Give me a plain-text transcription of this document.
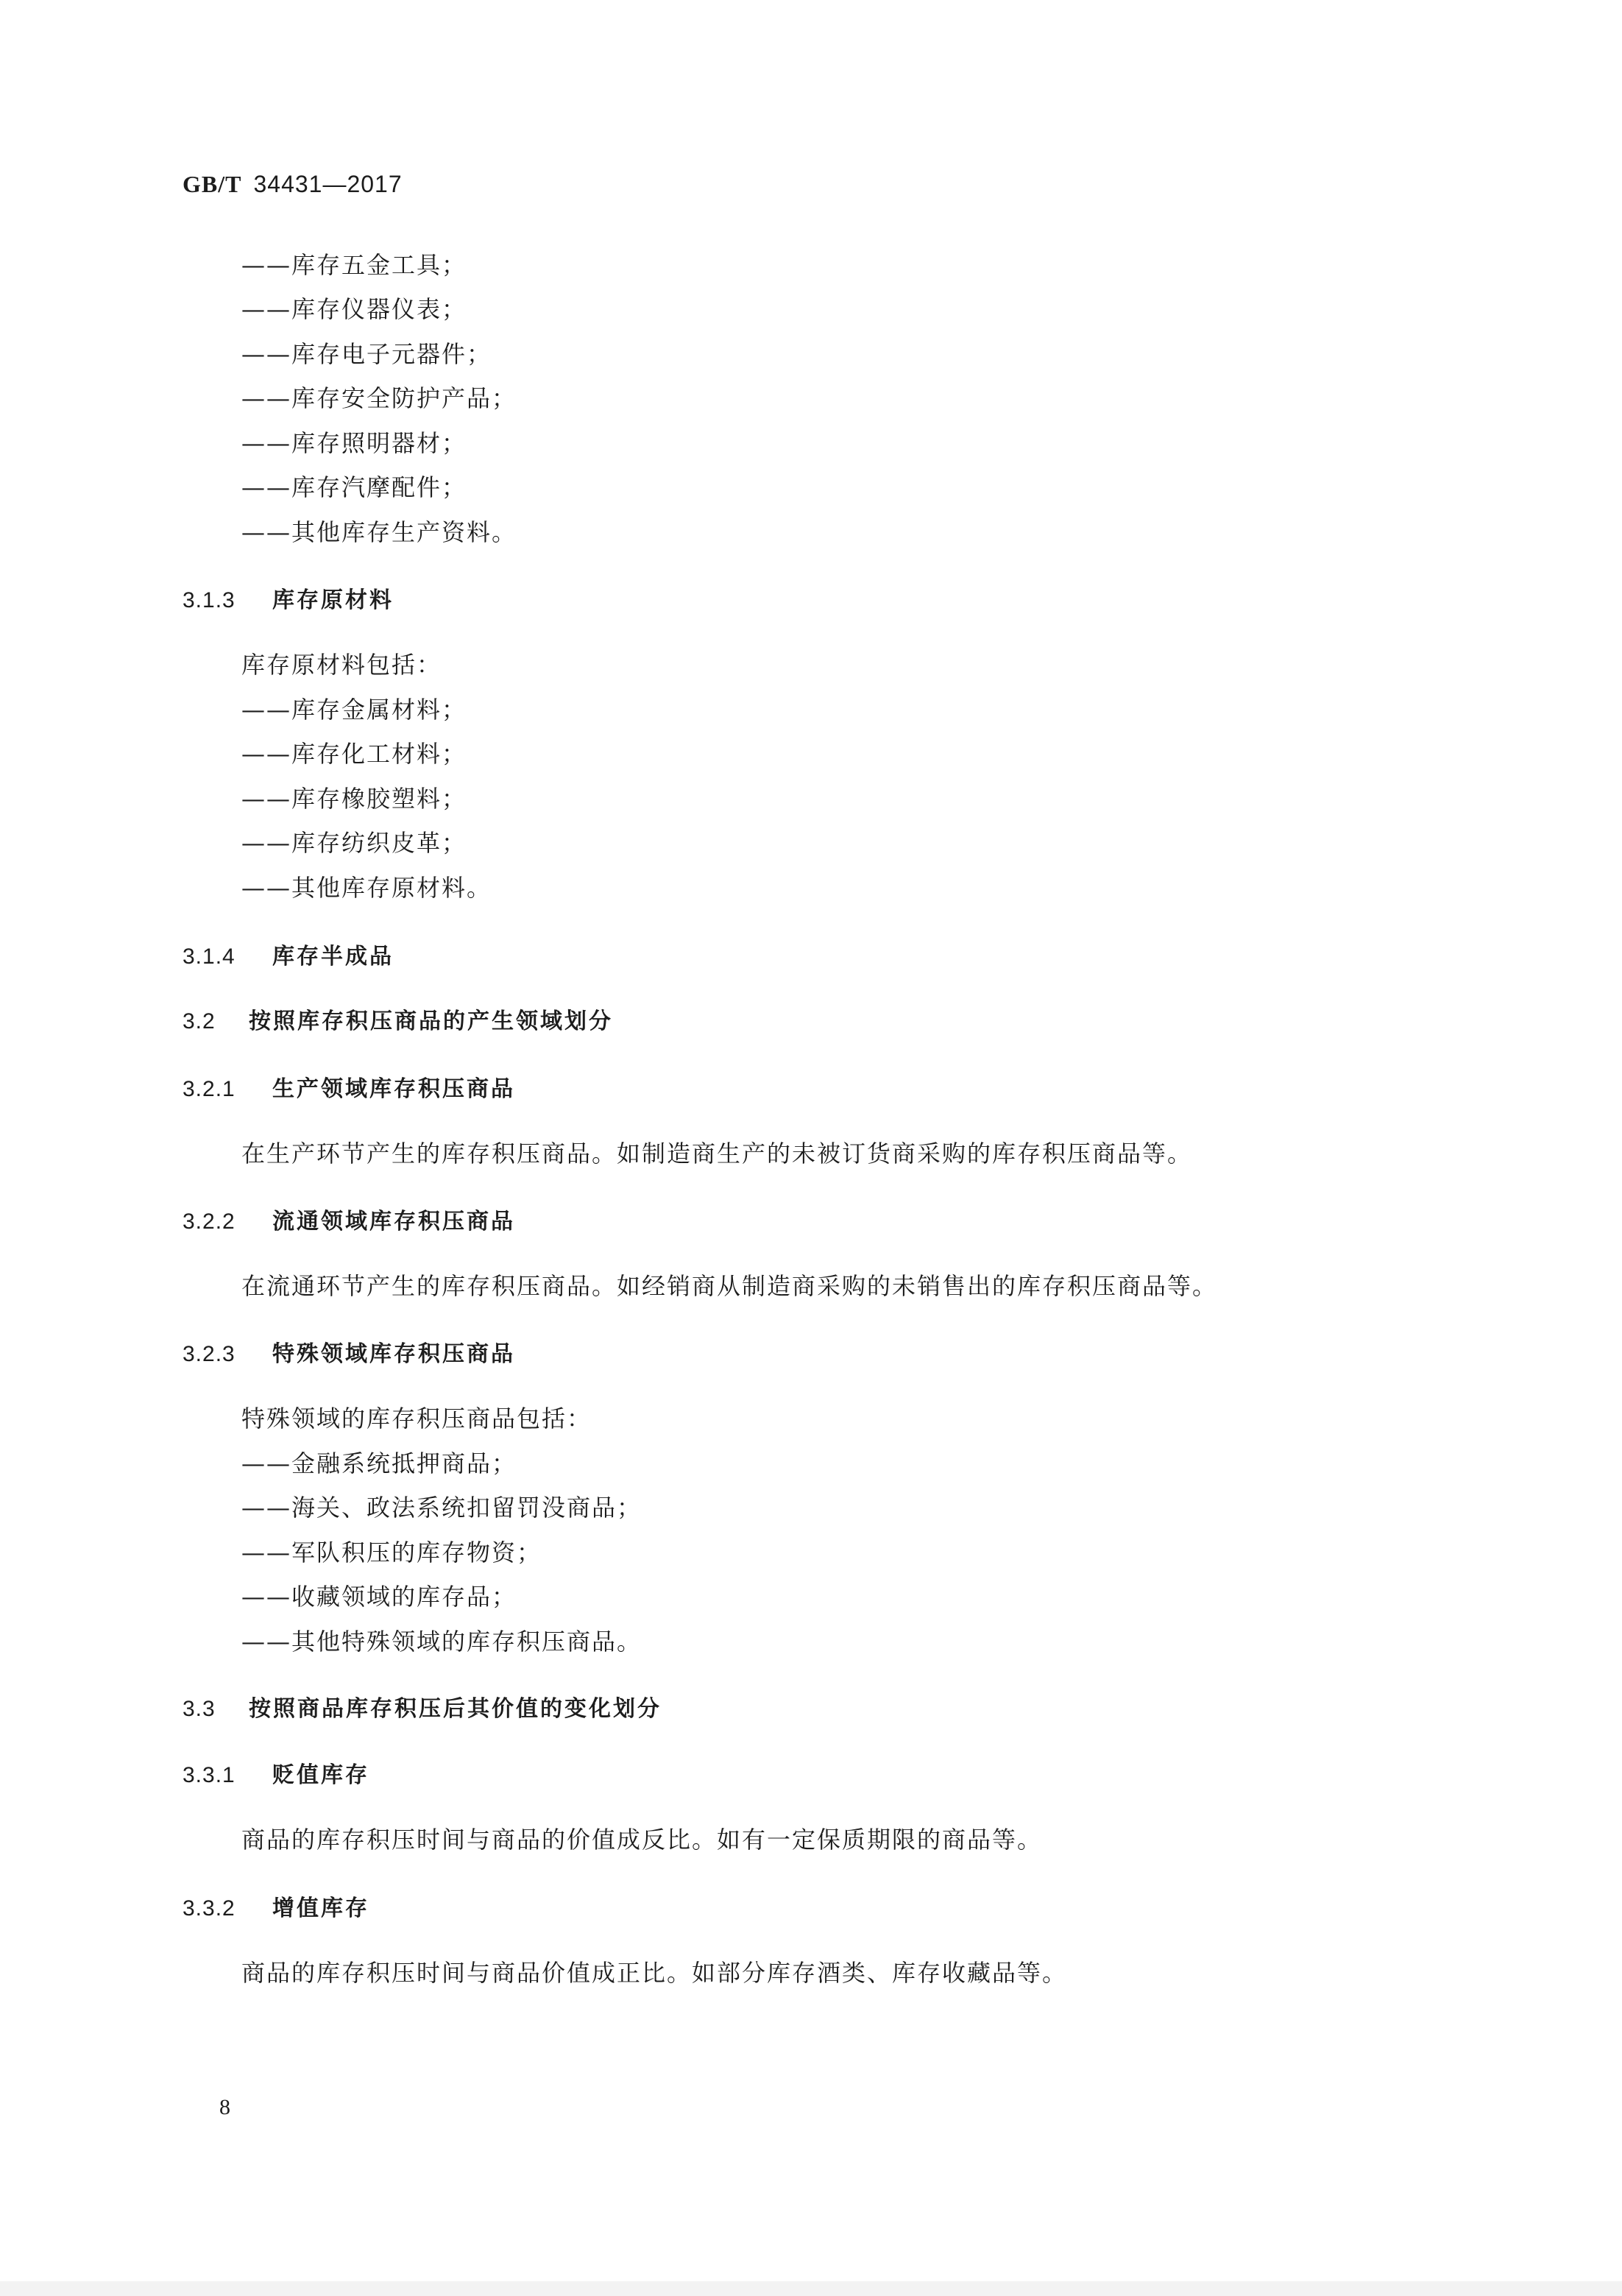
GB/T 34431—2017
——库存五金工具；
——库存仪器仪表；
——库存电子元器件；
——库存安全防护产品；
——库存照明器材；
——库存汽摩配件；
——其他库存生产资料。
3.1.3 库存原材料
库存原材料包括：
——库存金属材料；
——库存化工材料；
——库存橡胶塑料；
——库存纺织皮革；
——其他库存原材料。
3.1.4 库存半成品
3.2 按照库存积压商品的产生领域划分
3.2.1 生产领域库存积压商品
在生产环节产生的库存积压商品。如制造商生产的未被订货商采购的库存积压商品等。
3.2.2 流通领域库存积压商品
在流通环节产生的库存积压商品。如经销商从制造商采购的未销售出的库存积压商品等。
3.2.3 特殊领域库存积压商品
特殊领域的库存积压商品包括：
——金融系统抵押商品；
——海关、政法系统扣留罚没商品；
——军队积压的库存物资；
——收藏领域的库存品；
——其他特殊领域的库存积压商品。
3.3 按照商品库存积压后其价值的变化划分
3.3.1 贬值库存
商品的库存积压时间与商品的价值成反比。如有一定保质期限的商品等。
3.3.2 增值库存
商品的库存积压时间与商品价值成正比。如部分库存酒类、库存收藏品等。
8
